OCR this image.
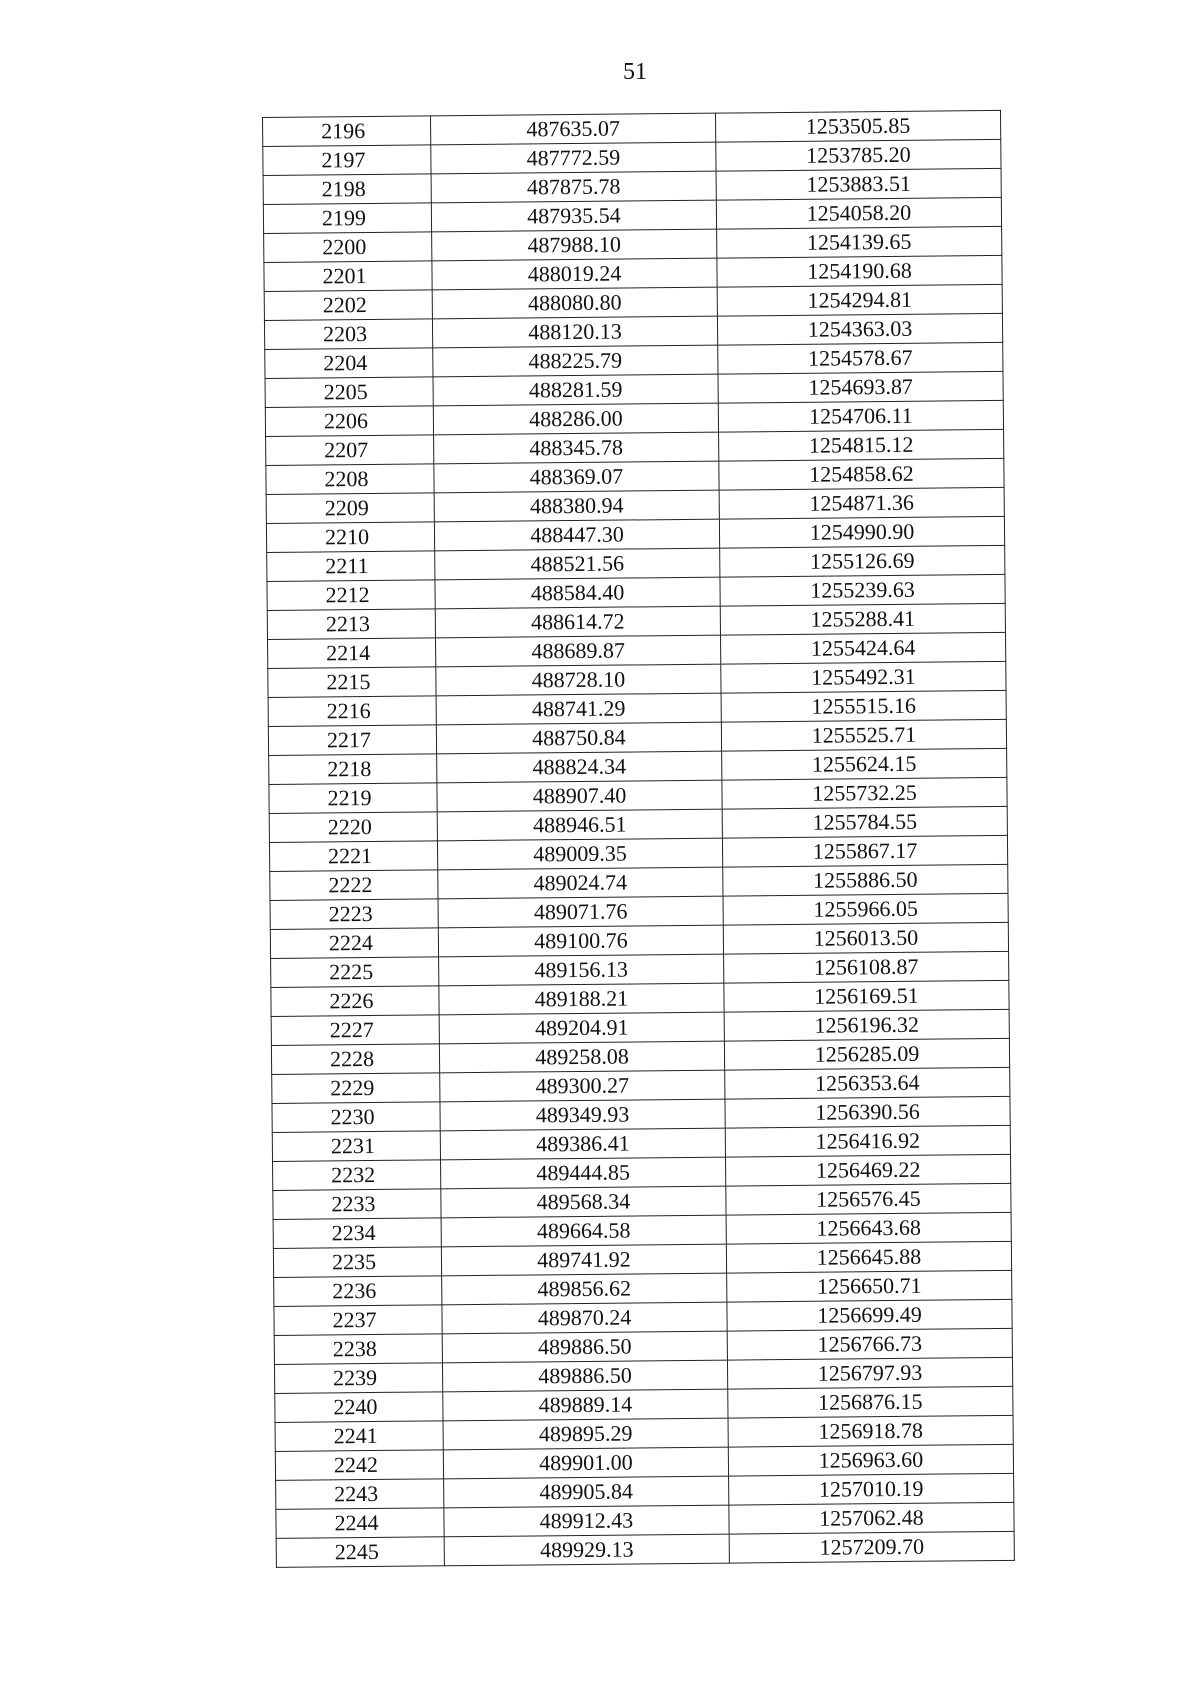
51
2196	487635.07	1253505.85
2197	487772.59	1253785.20
2198	487875.78	1253883.51
2199	487935.54	1254058.20
2200	487988.10	1254139.65
2201	488019.24	1254190.68
2202	488080.80	1254294.81
2203	488120.13	1254363.03
2204	488225.79	1254578.67
2205	488281.59	1254693.87
2206	488286.00	1254706.11
2207	488345.78	1254815.12
2208	488369.07	1254858.62
2209	488380.94	1254871.36
2210	488447.30	1254990.90
2211	488521.56	1255126.69
2212	488584.40	1255239.63
2213	488614.72	1255288.41
2214	488689.87	1255424.64
2215	488728.10	1255492.31
2216	488741.29	1255515.16
2217	488750.84	1255525.71
2218	488824.34	1255624.15
2219	488907.40	1255732.25
2220	488946.51	1255784.55
2221	489009.35	1255867.17
2222	489024.74	1255886.50
2223	489071.76	1255966.05
2224	489100.76	1256013.50
2225	489156.13	1256108.87
2226	489188.21	1256169.51
2227	489204.91	1256196.32
2228	489258.08	1256285.09
2229	489300.27	1256353.64
2230	489349.93	1256390.56
2231	489386.41	1256416.92
2232	489444.85	1256469.22
2233	489568.34	1256576.45
2234	489664.58	1256643.68
2235	489741.92	1256645.88
2236	489856.62	1256650.71
2237	489870.24	1256699.49
2238	489886.50	1256766.73
2239	489886.50	1256797.93
2240	489889.14	1256876.15
2241	489895.29	1256918.78
2242	489901.00	1256963.60
2243	489905.84	1257010.19
2244	489912.43	1257062.48
2245	489929.13	1257209.70
